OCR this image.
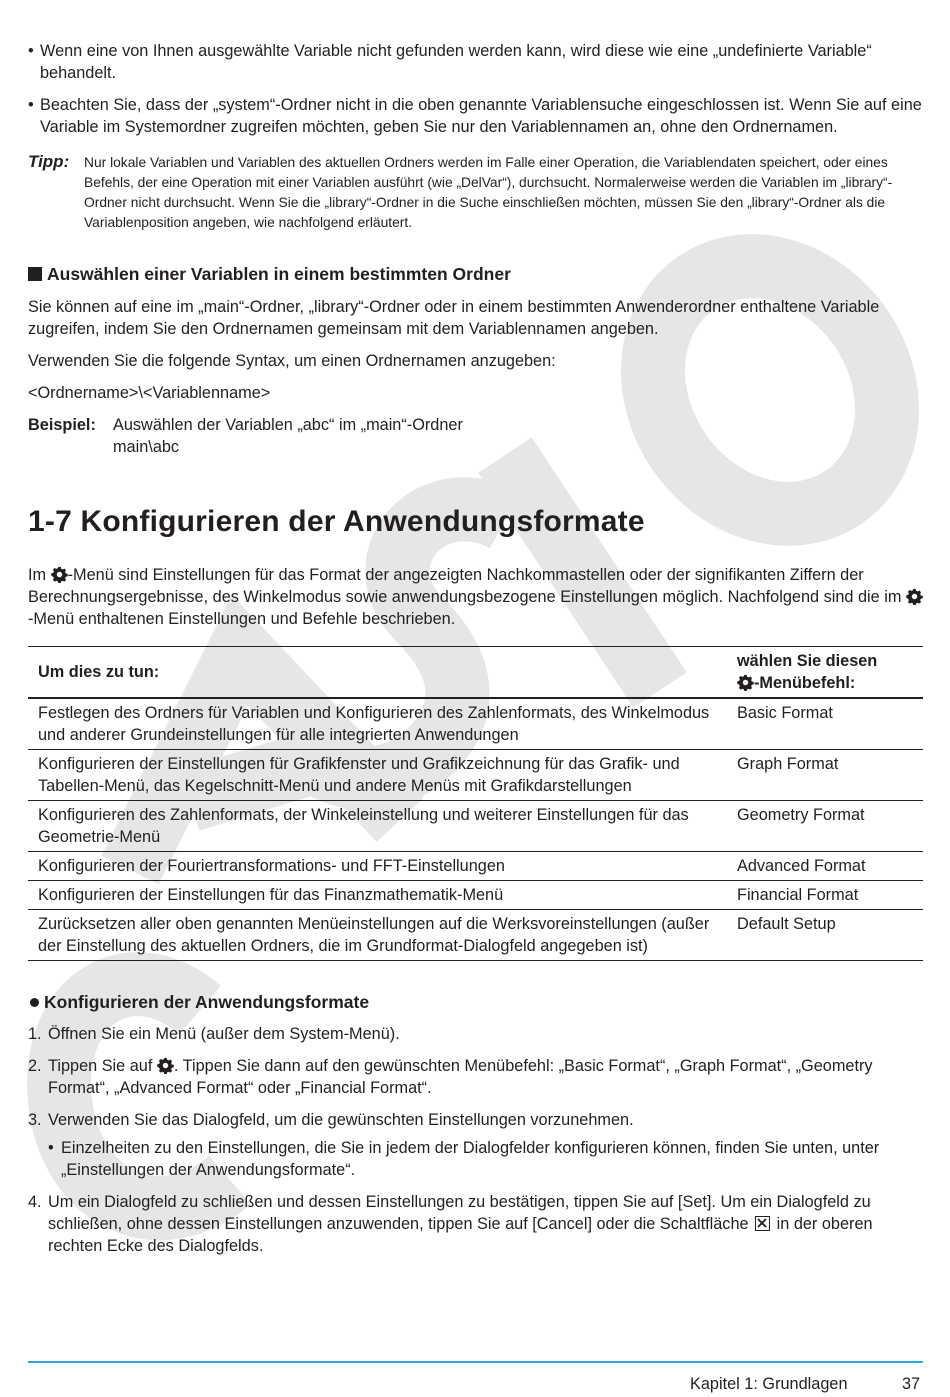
• Wenn eine von Ihnen ausgewählte Variable nicht gefunden werden kann, wird diese wie eine „undefinierte Variable“ behandelt.
• Beachten Sie, dass der „system“-Ordner nicht in die oben genannte Variablensuche eingeschlossen ist. Wenn Sie auf eine Variable im Systemordner zugreifen möchten, geben Sie nur den Variablennamen an, ohne den Ordnernamen.
Tipp:	Nur lokale Variablen und Variablen des aktuellen Ordners werden im Falle einer Operation, die Variablendaten speichert, oder eines Befehls, der eine Operation mit einer Variablen ausführt (wie „DelVar“), durchsucht. Normalerweise werden die Variablen im „library“-Ordner nicht durchsucht. Wenn Sie die „library“-Ordner in die Suche einschließen möchten, müssen Sie den „library“-Ordner als die Variablenposition angeben, wie nachfolgend erläutert.
Auswählen einer Variablen in einem bestimmten Ordner

Sie können auf eine im „main“-Ordner, „library“-Ordner oder in einem bestimmten Anwenderordner enthaltene Variable zugreifen, indem Sie den Ordnernamen gemeinsam mit dem Variablennamen angeben.

Verwenden Sie die folgende Syntax, um einen Ordnernamen anzugeben:

<Ordnername>\<Variablenname>

Beispiel:	Auswählen der Variablen „abc“ im „main“-Ordner
main\abc
1-7 Konfigurieren der Anwendungsformate

Im
-Menü sind Einstellungen für das Format der angezeigten Nachkommastellen oder der signifikanten Ziffern der Berechnungsergebnisse, des Winkelmodus sowie anwendungsbezogene Einstellungen möglich. Nachfolgend sind die im
-Menü enthaltenen Einstellungen und Befehle beschrieben.

Um dies zu tun:	wählen Sie diesen
-Menübefehl:

Festlegen des Ordners für Variablen und Konfigurieren des Zahlenformats, des Winkelmodus und anderer Grundeinstellungen für alle integrierten Anwendungen	Basic Format
Konfigurieren der Einstellungen für Grafikfenster und Grafikzeichnung für das Grafik- und Tabellen-Menü, das Kegelschnitt-Menü und andere Menüs mit Grafikdarstellungen	Graph Format
Konfigurieren des Zahlenformats, der Winkeleinstellung und weiterer Einstellungen für das Geometrie-Menü	Geometry Format
Konfigurieren der Fouriertransformations- und FFT-Einstellungen	Advanced Format
Konfigurieren der Einstellungen für das Finanzmathematik-Menü	Financial Format
Zurücksetzen aller oben genannten Menüeinstellungen auf die Werksvoreinstellungen (außer der Einstellung des aktuellen Ordners, die im Grundformat-Dialogfeld angegeben ist)	Default Setup
Konfigurieren der Anwendungsformate
1. Öffnen Sie ein Menü (außer dem System-Menü).
2. Tippen Sie auf
. Tippen Sie dann auf den gewünschten Menübefehl: „Basic Format“, „Graph Format“, „Geometry Format“, „Advanced Format“ oder „Financial Format“.
3. Verwenden Sie das Dialogfeld, um die gewünschten Einstellungen vorzunehmen.
• Einzelheiten zu den Einstellungen, die Sie in jedem der Dialogfelder konfigurieren können, finden Sie unten, unter „Einstellungen der Anwendungsformate“.
4. Um ein Dialogfeld zu schließen und dessen Einstellungen zu bestätigen, tippen Sie auf [Set]. Um ein Dialogfeld zu schließen, ohne dessen Einstellungen anzuwenden, tippen Sie auf [Cancel] oder die Schaltfläche
in der oberen rechten Ecke des Dialogfelds.
Kapitel 1: Grundlagen	37
